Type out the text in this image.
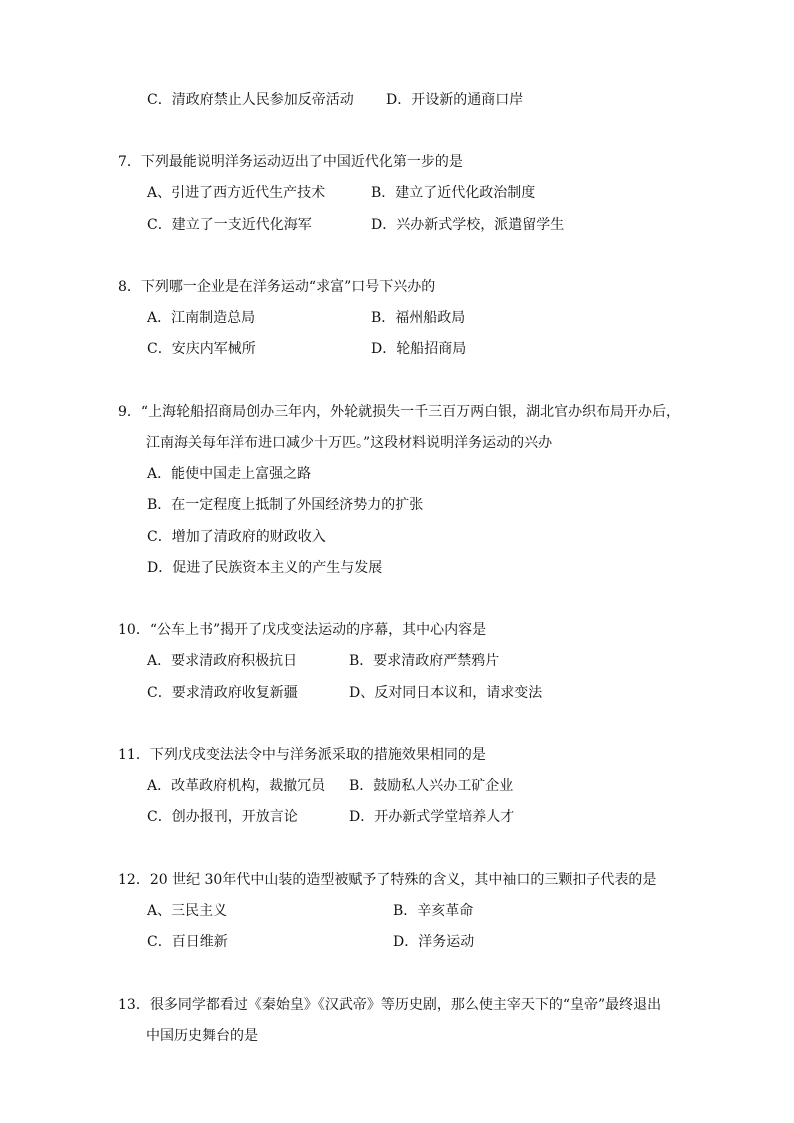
C．清政府禁止人民参加反帝活动 D．开设新的通商口岸
7．下列最能说明洋务运动迈出了中国近代化第一步的是
A、引进了西方近代生产技术	B．建立了近代化政治制度
C．建立了一支近代化海军	D．兴办新式学校，派遣留学生
8．下列哪一企业是在洋务运动“求富”口号下兴办的
A．江南制造总局	B．福州船政局
C．安庆内军械所	D．轮船招商局
9．“上海轮船招商局创办三年内，外轮就损失一千三百万两白银，湖北官办织布局开办后，
江南海关每年洋布进口减少十万匹。”这段材料说明洋务运动的兴办
A．能使中国走上富强之路
B．在一定程度上抵制了外国经济势力的扩张
C．增加了清政府的财政收入
D．促进了民族资本主义的产生与发展
10．“公车上书”揭开了戊戌变法运动的序幕，其中心内容是
A．要求清政府积极抗日	B．要求清政府严禁鸦片
C．要求清政府收复新疆	D、反对同日本议和，请求变法
11．下列戊戌变法法令中与洋务派采取的措施效果相同的是
A．改革政府机构，裁撤冗员 B．鼓励私人兴办工矿企业
C．创办报刊，开放言论	D．开办新式学堂培养人才
12．20 世纪 30年代中山装的造型被赋予了特殊的含义，其中袖口的三颗扣子代表的是
A、三民主义	B．辛亥革命
C．百日维新	D．洋务运动
13．很多同学都看过《秦始皇》《汉武帝》等历史剧，那么使主宰天下的“皇帝”最终退出
中国历史舞台的是
